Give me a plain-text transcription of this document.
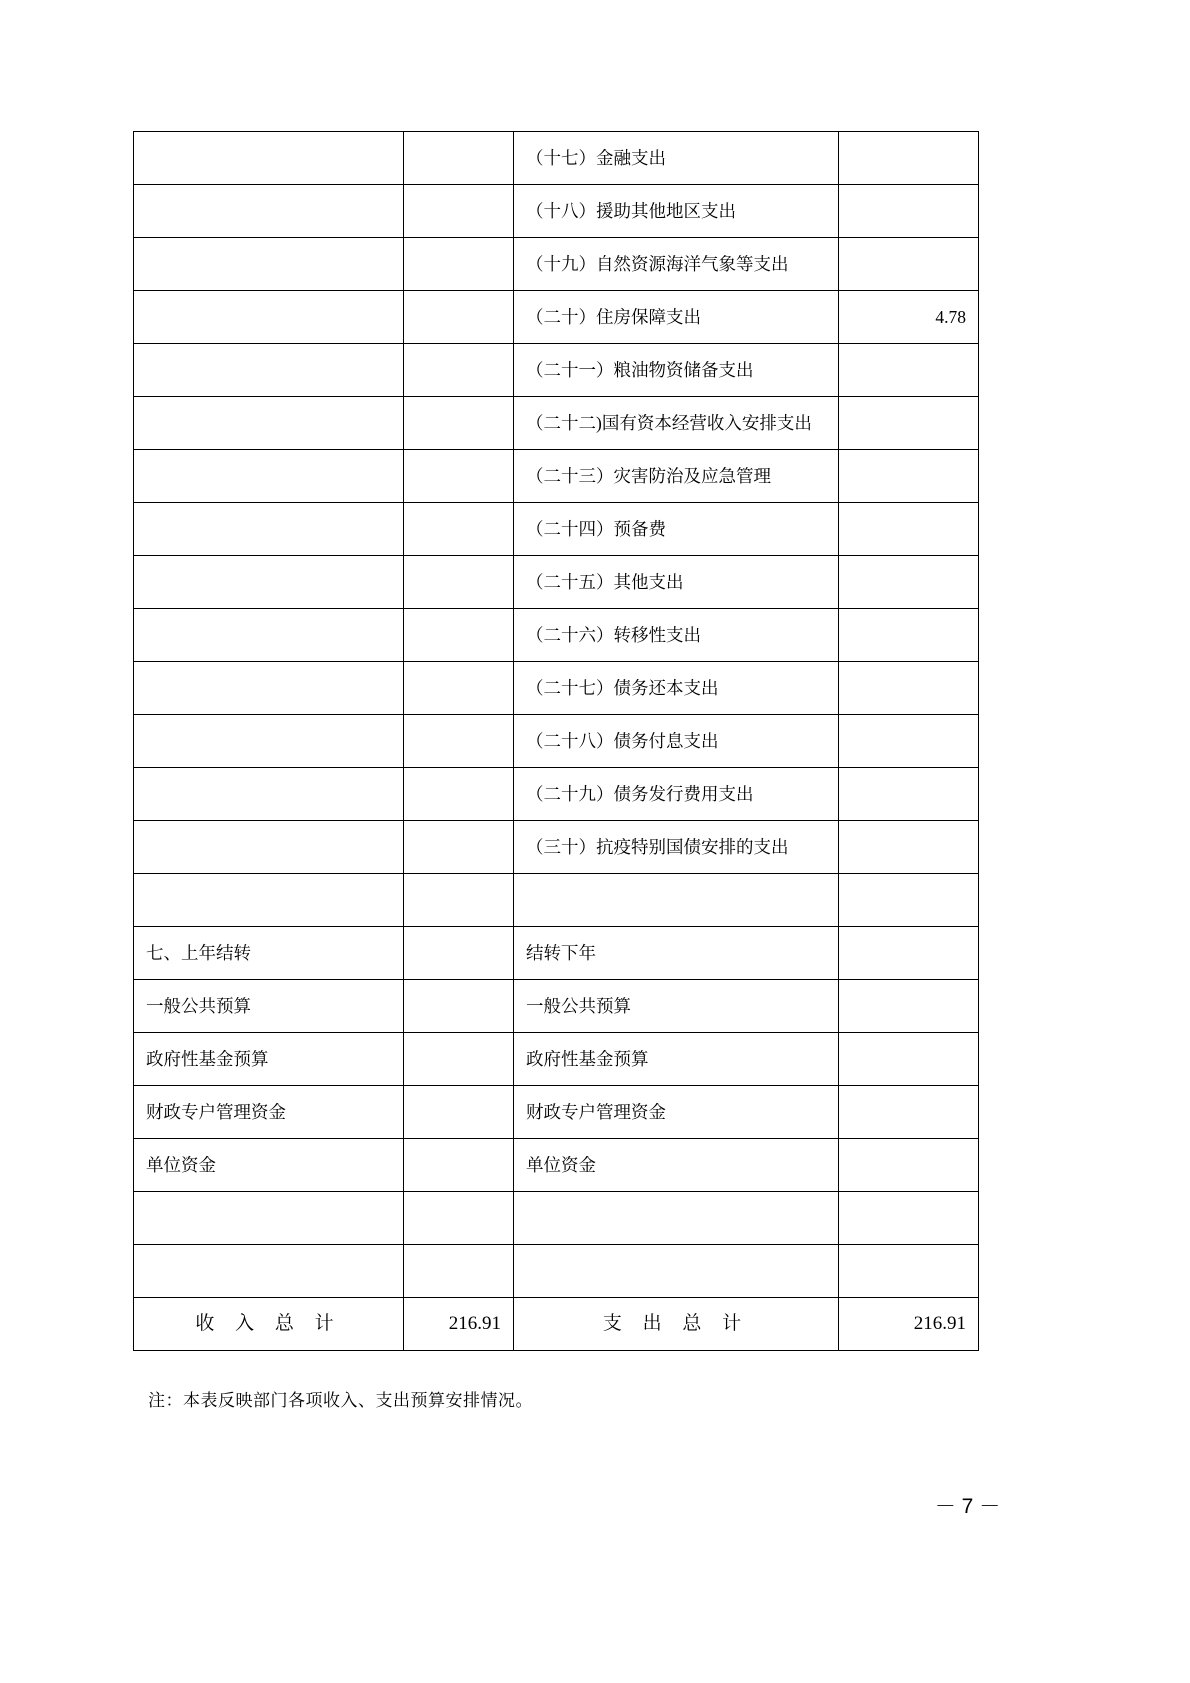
		（十七）金融支出	
		（十八）援助其他地区支出	
		（十九）自然资源海洋气象等支出	
		（二十）住房保障支出	4.78
		（二十一）粮油物资储备支出	
		（二十二)国有资本经营收入安排支出	
		（二十三）灾害防治及应急管理	
		（二十四）预备费	
		（二十五）其他支出	
		（二十六）转移性支出	
		（二十七）债务还本支出	
		（二十八）债务付息支出	
		（二十九）债务发行费用支出	
		（三十）抗疫特别国债安排的支出	

七、上年结转		结转下年	
一般公共预算		一般公共预算	
政府性基金预算		政府性基金预算	
财政专户管理资金		财政专户管理资金	
单位资金		单位资金	

收 入 总 计	216.91	支 出 总 计	216.91
注：本表反映部门各项收入、支出预算安排情况。
－ 7 －
